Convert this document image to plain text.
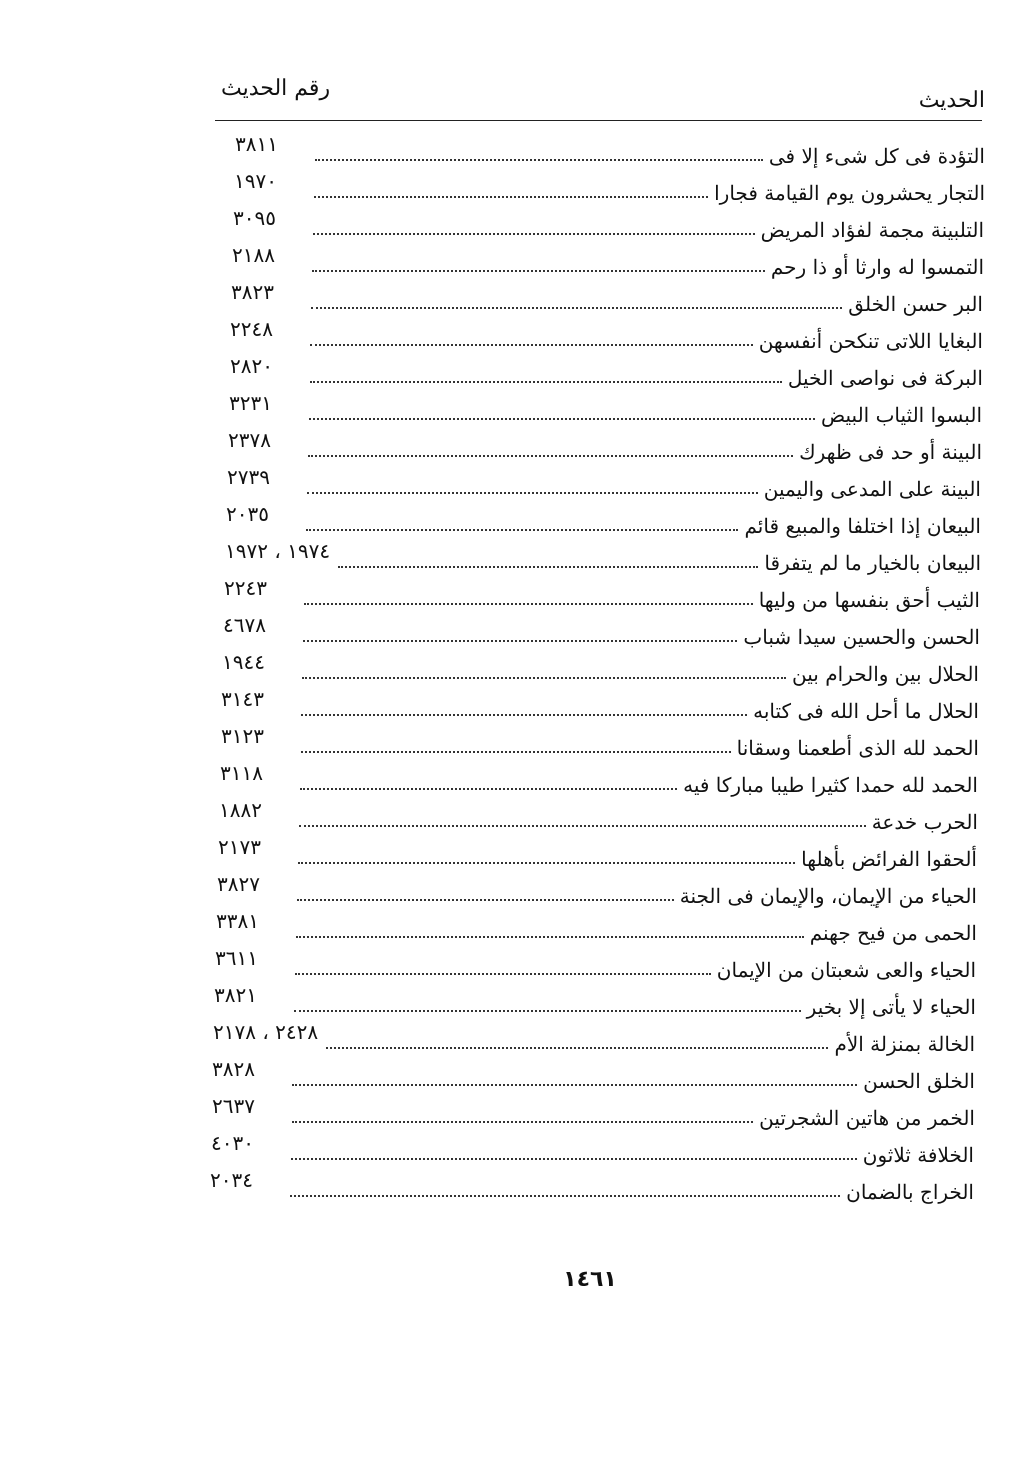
الحديث
رقم الحديث
٣٨١١	التؤدة فى كل شىء إلا فى
١٩٧٠	التجار يحشرون يوم القيامة فجارا
٣٠٩٥	التلبينة مجمة لفؤاد المريض
٢١٨٨	التمسوا له وارثا أو ذا رحم
٣٨٢٣	البر حسن الخلق
٢٢٤٨	البغايا اللاتى تنكحن أنفسهن
٢٨٢٠	البركة فى نواصى الخيل
٣٢٣١	البسوا الثياب البيض
٢٣٧٨	البينة أو حد فى ظهرك
٢٧٣٩	البينة على المدعى واليمين
٢٠٣٥	البيعان إذا اختلفا والمبيع قائم
١٩٧٤ ، ١٩٧٢	البيعان بالخيار ما لم يتفرقا
٢٢٤٣	الثيب أحق بنفسها من وليها
٤٦٧٨	الحسن والحسين سيدا شباب
١٩٤٤	الحلال بين والحرام بين
٣١٤٣	الحلال ما أحل الله فى كتابه
٣١٢٣	الحمد لله الذى أطعمنا وسقانا
٣١١٨	الحمد لله حمدا كثيرا طيبا مباركا فيه
١٨٨٢	الحرب خدعة
٢١٧٣	ألحقوا الفرائض بأهلها
٣٨٢٧	الحياء من الإيمان، والإيمان فى الجنة
٣٣٨١	الحمى من فيح جهنم
٣٦١١	الحياء والعى شعبتان من الإيمان
٣٨٢١	الحياء لا يأتى إلا بخير
٢٤٢٨ ، ٢١٧٨	الخالة بمنزلة الأم
٣٨٢٨	الخلق الحسن
٢٦٣٧	الخمر من هاتين الشجرتين
٤٠٣٠	الخلافة ثلاثون
٢٠٣٤	الخراج بالضمان
١٤٦١
